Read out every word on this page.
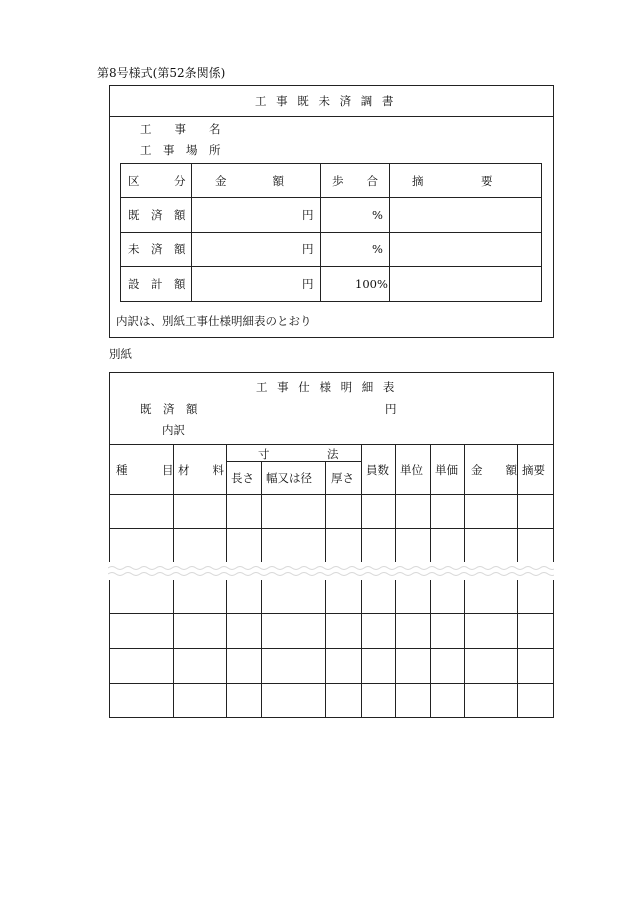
第8号様式(第52条関係)
工 事 既 未 済 調 書
工　　事　　名
工　事　場　所
区　　　分	金　　　　額	歩　　合	摘　　　　　要
既　済　額	円	%
未　済　額	円	%
設　計　額	円	100%
内訳は、別紙工事仕様明細表のとおり
別紙
工 事 仕 様 明 細 表
既　済　額	円
内訳
種　　　目 材　　料
寸　　　　　法
長さ 幅又は径 厚さ
員数 単位 単価 金　　額 摘要
